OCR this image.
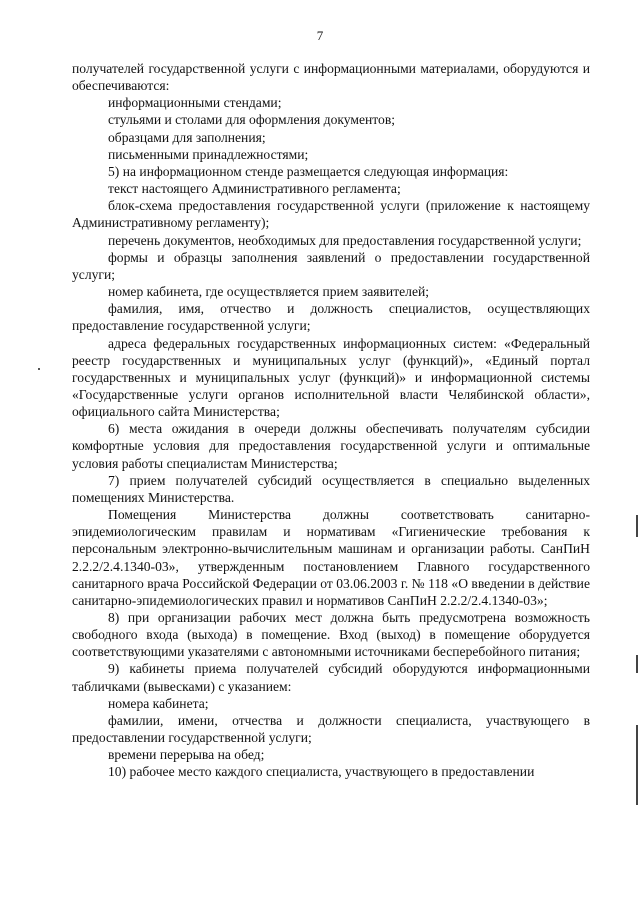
7

получателей государственной услуги с информационными материалами, оборудуются и обеспечиваются:

информационными стендами;

стульями и столами для оформления документов;

образцами для заполнения;

письменными принадлежностями;

5) на информационном стенде размещается следующая информация:

текст настоящего Административного регламента;

блок-схема предоставления государственной услуги (приложение к настоящему Административному регламенту);

перечень документов, необходимых для предоставления государственной услуги;

формы и образцы заполнения заявлений о предоставлении государственной услуги;

номер кабинета, где осуществляется прием заявителей;

фамилия, имя, отчество и должность специалистов, осуществляющих предоставление государственной услуги;

адреса федеральных государственных информационных систем: «Федеральный реестр государственных и муниципальных услуг (функций)», «Единый портал государственных и муниципальных услуг (функций)» и информационной системы «Государственные услуги органов исполнительной власти Челябинской области», официального сайта Министерства;

6) места ожидания в очереди должны обеспечивать получателям субсидии комфортные условия для предоставления государственной услуги и оптимальные условия работы специалистам Министерства;

7) прием получателей субсидий осуществляется в специально выделенных помещениях Министерства.

Помещения Министерства должны соответствовать санитарно-эпидемиологическим правилам и нормативам «Гигиенические требования к персональным электронно-вычислительным машинам и организации работы. СанПиН 2.2.2/2.4.1340-03», утвержденным постановлением Главного государственного санитарного врача Российской Федерации от 03.06.2003 г. № 118 «О введении в действие санитарно-эпидемиологических правил и нормативов СанПиН 2.2.2/2.4.1340-03»;

8) при организации рабочих мест должна быть предусмотрена возможность свободного входа (выхода) в помещение. Вход (выход) в помещение оборудуется соответствующими указателями с автономными источниками бесперебойного питания;

9) кабинеты приема получателей субсидий оборудуются информационными табличками (вывесками) с указанием:

номера кабинета;

фамилии, имени, отчества и должности специалиста, участвующего в предоставлении государственной услуги;

времени перерыва на обед;

10) рабочее место каждого специалиста, участвующего в предоставлении
